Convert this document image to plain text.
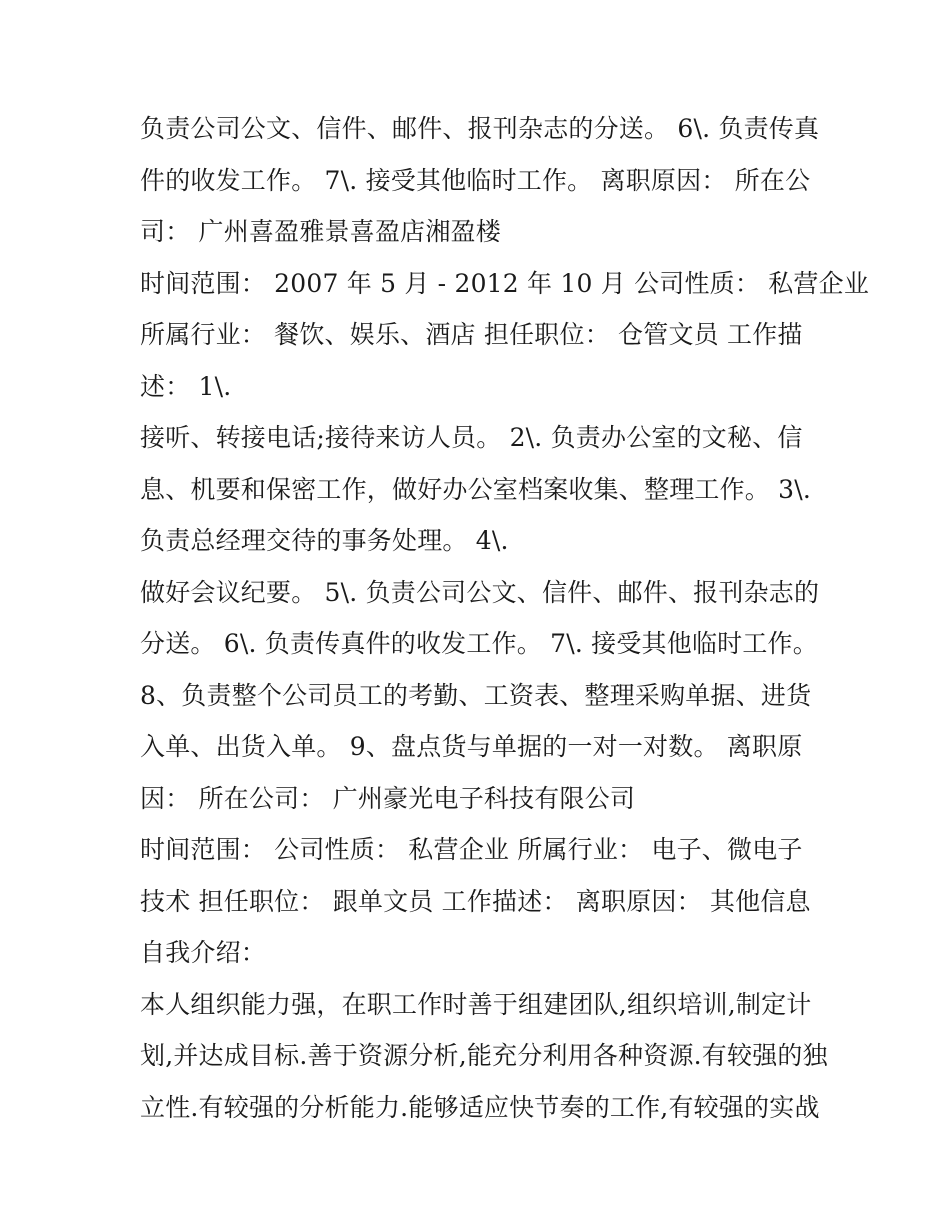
负责公司公文、信件、邮件、报刊杂志的分送。 6\. 负责传真
件的收发工作。 7\. 接受其他临时工作。 离职原因： 所在公
司： 广州喜盈雅景喜盈店湘盈楼
时间范围： 2007 年 5 月 - 2012 年 10 月 公司性质： 私营企业
所属行业： 餐饮、娱乐、酒店 担任职位： 仓管文员 工作描
述： 1\.
接听、转接电话;接待来访人员。 2\. 负责办公室的文秘、信
息、机要和保密工作，做好办公室档案收集、整理工作。 3\.
负责总经理交待的事务处理。 4\.
做好会议纪要。 5\. 负责公司公文、信件、邮件、报刊杂志的
分送。 6\. 负责传真件的收发工作。 7\. 接受其他临时工作。
8、负责整个公司员工的考勤、工资表、整理采购单据、进货
入单、出货入单。 9、盘点货与单据的一对一对数。 离职原
因： 所在公司： 广州豪光电子科技有限公司
时间范围： 公司性质： 私营企业 所属行业： 电子、微电子
技术 担任职位： 跟单文员 工作描述： 离职原因： 其他信息
自我介绍：
本人组织能力强，在职工作时善于组建团队,组织培训,制定计
划,并达成目标.善于资源分析,能充分利用各种资源.有较强的独
立性.有较强的分析能力.能够适应快节奏的工作,有较强的实战
